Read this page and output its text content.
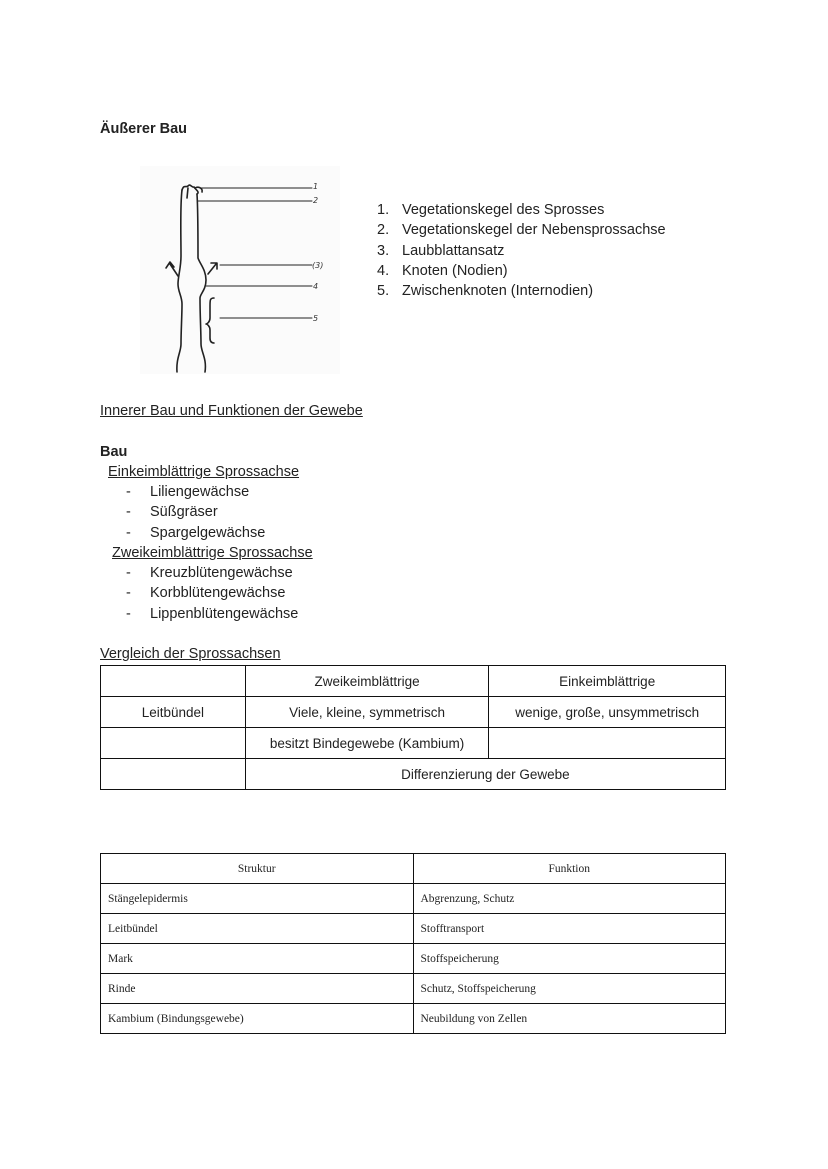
Äußerer Bau
1
2
(3)
4
5
1. Vegetationskegel des Sprosses
2. Vegetationskegel der Nebensprossachse
3. Laubblattansatz
4. Knoten (Nodien)
5. Zwischenknoten (Internodien)
Innerer Bau und Funktionen der Gewebe
Bau
Einkeimblättrige Sprossachse
-	Liliengewächse
-	Süßgräser
-	Spargelgewächse
Zweikeimblättrige Sprossachse
-	Kreuzblütengewächse
-	Korbblütengewächse
-	Lippenblütengewächse
Vergleich der Sprossachsen
	Zweikeimblättrige	Einkeimblättrige
Leitbündel	Viele, kleine, symmetrisch	wenige, große, unsymmetrisch
	besitzt Bindegewebe (Kambium)	
	Differenzierung der Gewebe	
Struktur	Funktion
Stängelepidermis	Abgrenzung, Schutz
Leitbündel	Stofftransport
Mark	Stoffspeicherung
Rinde	Schutz, Stoffspeicherung
Kambium (Bindungsgewebe)	Neubildung von Zellen
